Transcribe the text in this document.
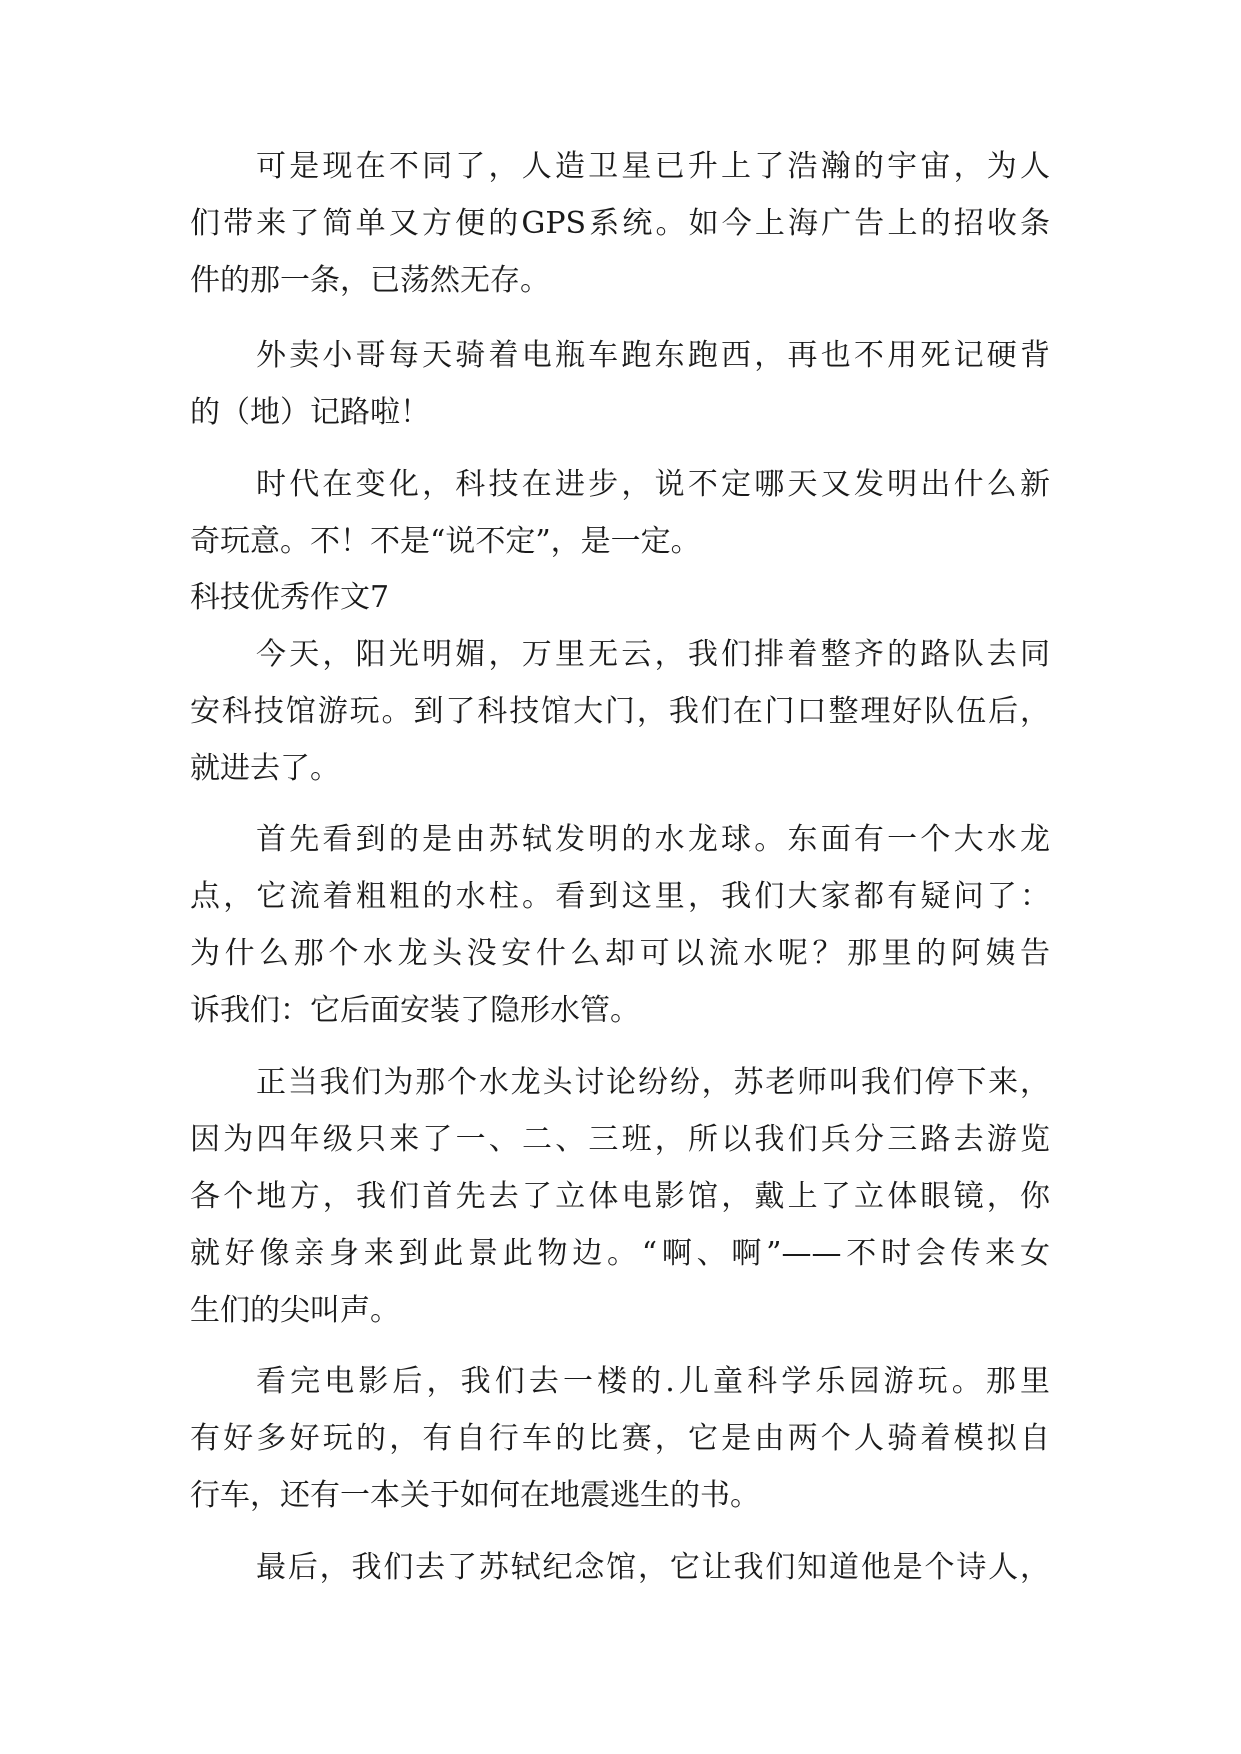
可是现在不同了，人造卫星已升上了浩瀚的宇宙，为人
们带来了简单又方便的GPS系统。如今上海广告上的招收条
件的那一条，已荡然无存。
外卖小哥每天骑着电瓶车跑东跑西，再也不用死记硬背
的（地）记路啦！
时代在变化，科技在进步，说不定哪天又发明出什么新
奇玩意。不！不是“说不定”，是一定。
科技优秀作文7
今天，阳光明媚，万里无云，我们排着整齐的路队去同
安科技馆游玩。到了科技馆大门，我们在门口整理好队伍后，
就进去了。
首先看到的是由苏轼发明的水龙球。东面有一个大水龙
点，它流着粗粗的水柱。看到这里，我们大家都有疑问了：
为什么那个水龙头没安什么却可以流水呢？那里的阿姨告
诉我们：它后面安装了隐形水管。
正当我们为那个水龙头讨论纷纷，苏老师叫我们停下来，
因为四年级只来了一、二、三班，所以我们兵分三路去游览
各个地方，我们首先去了立体电影馆，戴上了立体眼镜，你
就好像亲身来到此景此物边。“啊、啊”——不时会传来女
生们的尖叫声。
看完电影后，我们去一楼的.儿童科学乐园游玩。那里
有好多好玩的，有自行车的比赛，它是由两个人骑着模拟自
行车，还有一本关于如何在地震逃生的书。
最后，我们去了苏轼纪念馆，它让我们知道他是个诗人，
